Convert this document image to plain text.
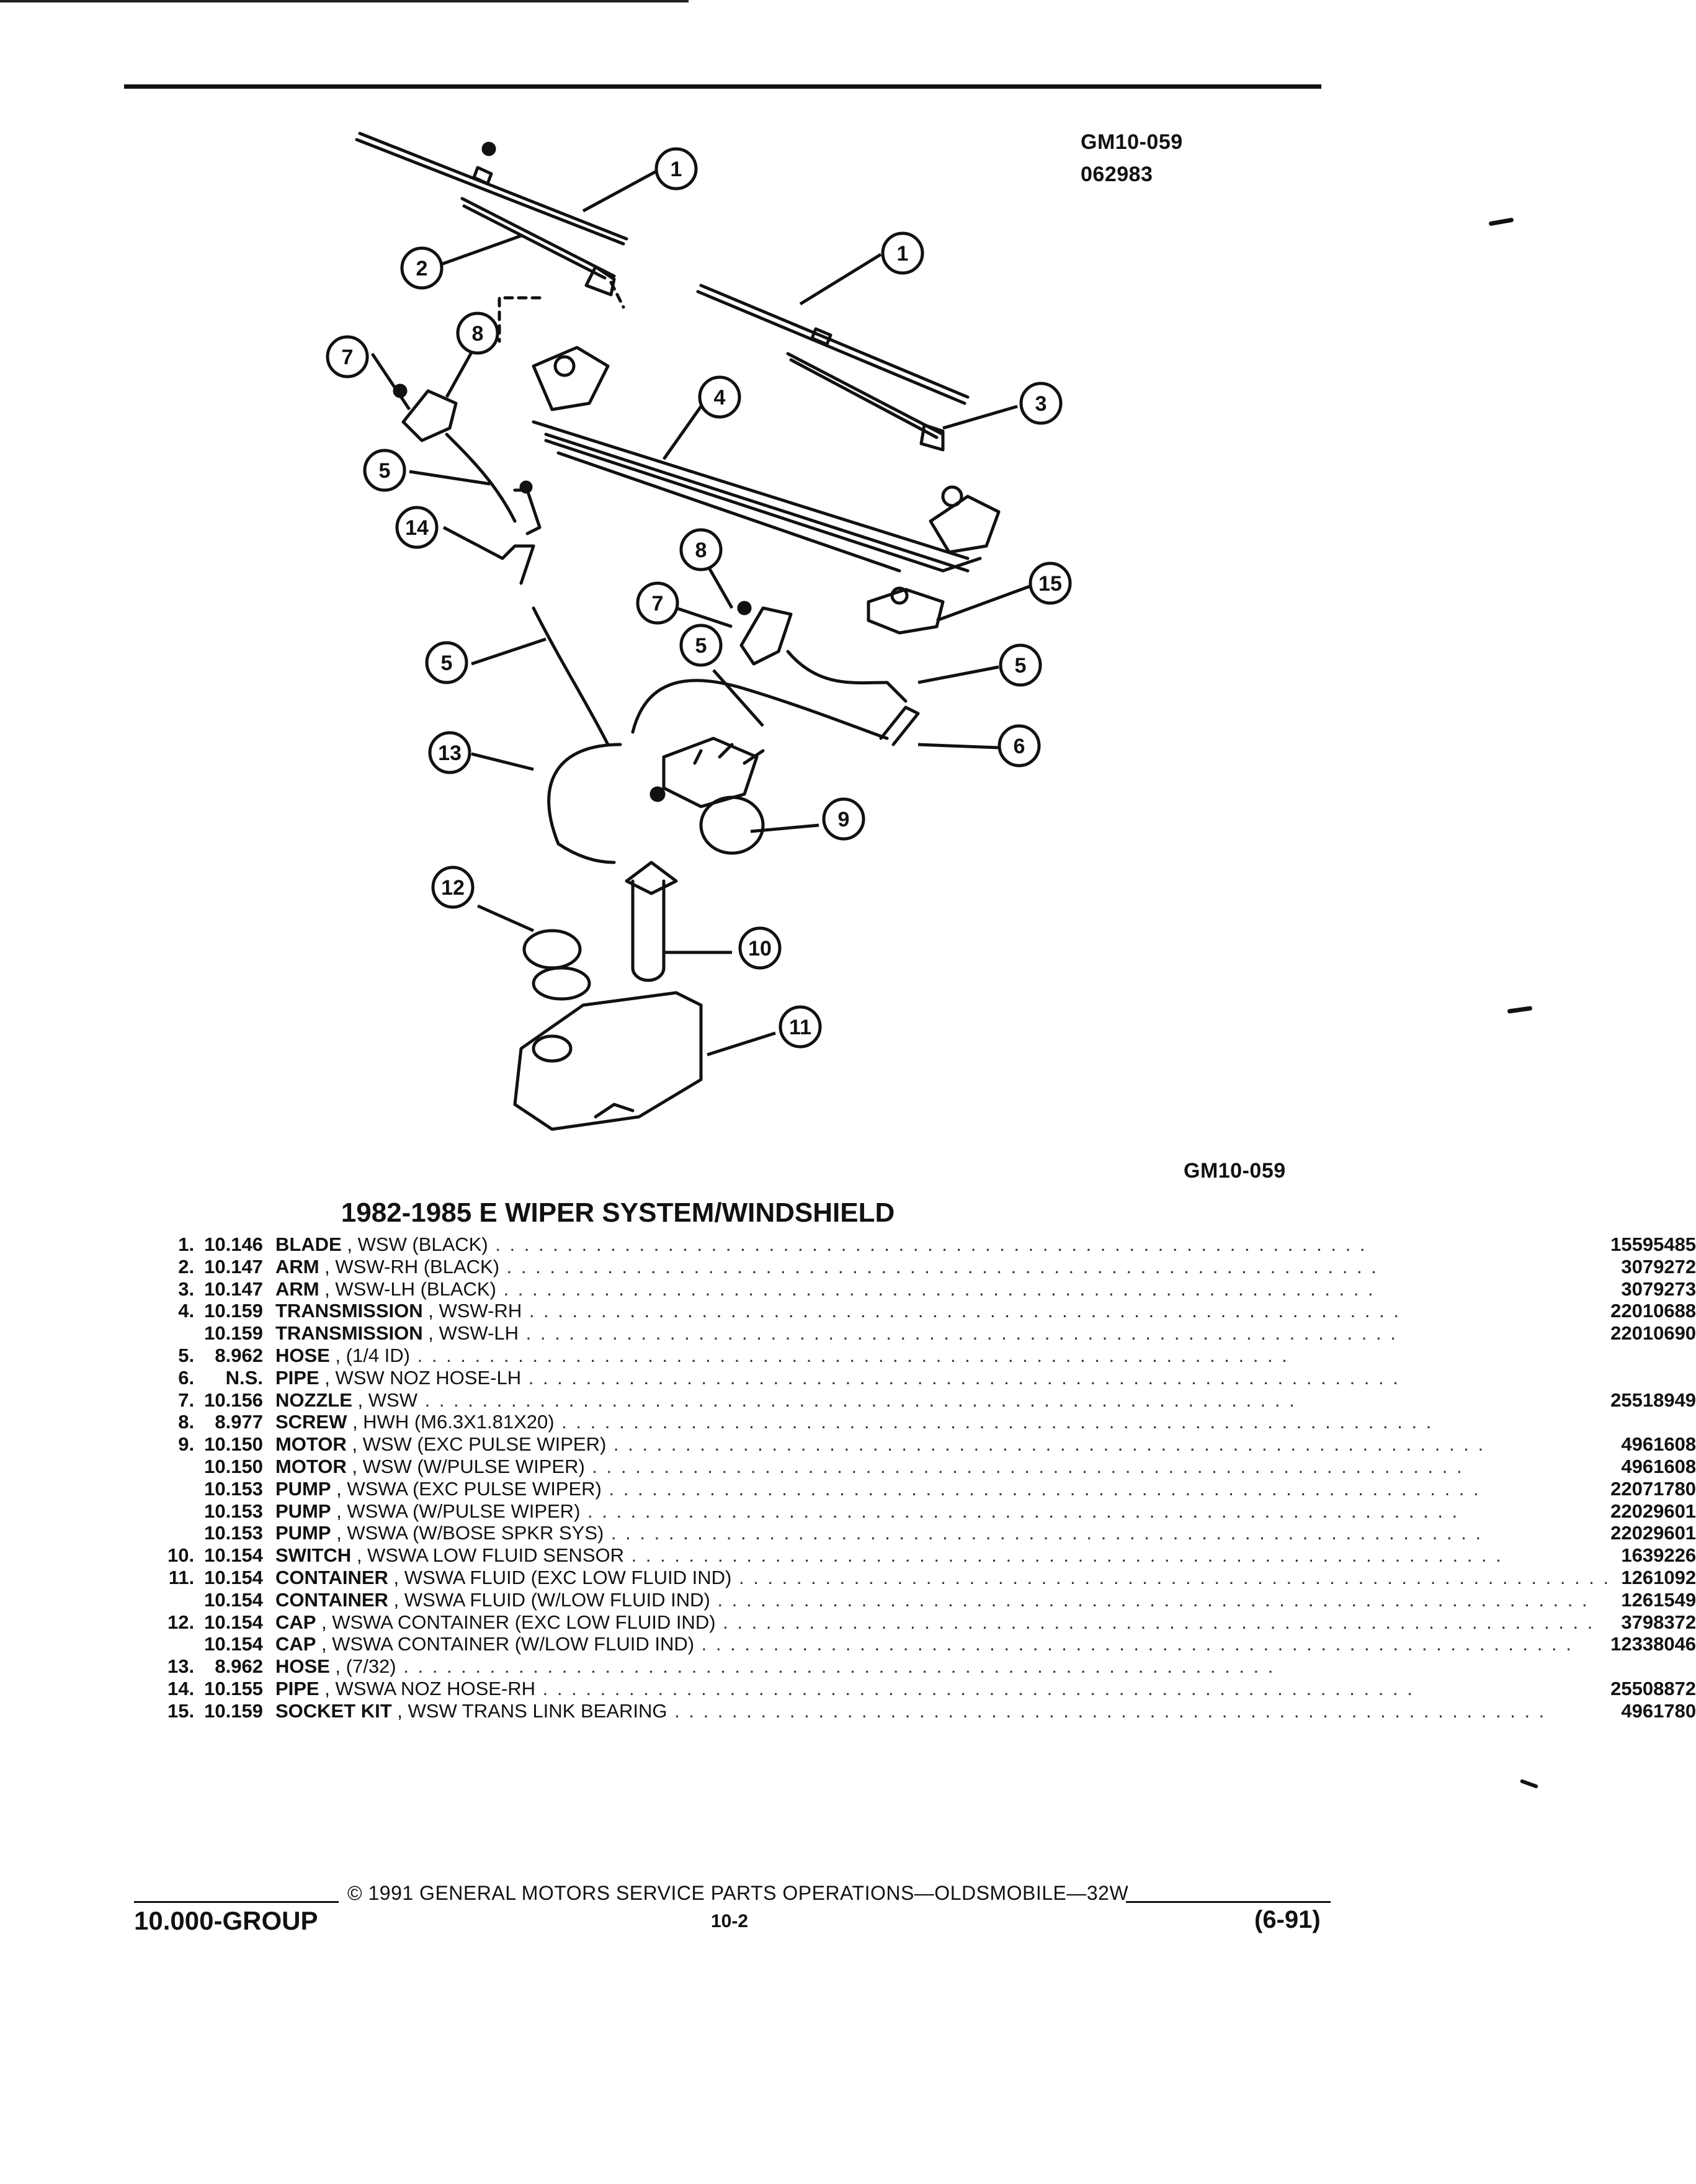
1
1
2
3
4
5
5
5
5
6
7
7
8
8
9
10
11
12
13
14
15
GM10-059
062983
GM10-059
1982-1985 E WIPER SYSTEM/WINDSHIELD
1.	10.146	BLADE , WSW (BLACK) . . . . . . . . . . . . . . . . . . . . . . . . . . . . . . . . . . . . . . . . . . . . . . . . . . . . . . . . . . . . .	15595485
2.	10.147	ARM , WSW-RH (BLACK) . . . . . . . . . . . . . . . . . . . . . . . . . . . . . . . . . . . . . . . . . . . . . . . . . . . . . . . . . . . . .	3079272
3.	10.147	ARM , WSW-LH (BLACK) . . . . . . . . . . . . . . . . . . . . . . . . . . . . . . . . . . . . . . . . . . . . . . . . . . . . . . . . . . . . .	3079273
4.	10.159	TRANSMISSION , WSW-RH . . . . . . . . . . . . . . . . . . . . . . . . . . . . . . . . . . . . . . . . . . . . . . . . . . . . . . . . . . . . .	22010688
	10.159	TRANSMISSION , WSW-LH . . . . . . . . . . . . . . . . . . . . . . . . . . . . . . . . . . . . . . . . . . . . . . . . . . . . . . . . . . . . .	22010690
5.	8.962	HOSE , (1/4 ID) . . . . . . . . . . . . . . . . . . . . . . . . . . . . . . . . . . . . . . . . . . . . . . . . . . . . . . . . . . . . .	
6.	N.S.	PIPE , WSW NOZ HOSE-LH . . . . . . . . . . . . . . . . . . . . . . . . . . . . . . . . . . . . . . . . . . . . . . . . . . . . . . . . . . . . .	
7.	10.156	NOZZLE , WSW . . . . . . . . . . . . . . . . . . . . . . . . . . . . . . . . . . . . . . . . . . . . . . . . . . . . . . . . . . . . .	25518949
8.	8.977	SCREW , HWH (M6.3X1.81X20) . . . . . . . . . . . . . . . . . . . . . . . . . . . . . . . . . . . . . . . . . . . . . . . . . . . . . . . . . . . . .	
9.	10.150	MOTOR , WSW (EXC PULSE WIPER) . . . . . . . . . . . . . . . . . . . . . . . . . . . . . . . . . . . . . . . . . . . . . . . . . . . . . . . . . . . . .	4961608
	10.150	MOTOR , WSW (W/PULSE WIPER) . . . . . . . . . . . . . . . . . . . . . . . . . . . . . . . . . . . . . . . . . . . . . . . . . . . . . . . . . . . . .	4961608
	10.153	PUMP , WSWA (EXC PULSE WIPER) . . . . . . . . . . . . . . . . . . . . . . . . . . . . . . . . . . . . . . . . . . . . . . . . . . . . . . . . . . . . .	22071780
	10.153	PUMP , WSWA (W/PULSE WIPER) . . . . . . . . . . . . . . . . . . . . . . . . . . . . . . . . . . . . . . . . . . . . . . . . . . . . . . . . . . . . .	22029601
	10.153	PUMP , WSWA (W/BOSE SPKR SYS) . . . . . . . . . . . . . . . . . . . . . . . . . . . . . . . . . . . . . . . . . . . . . . . . . . . . . . . . . . . . .	22029601
10.	10.154	SWITCH , WSWA LOW FLUID SENSOR . . . . . . . . . . . . . . . . . . . . . . . . . . . . . . . . . . . . . . . . . . . . . . . . . . . . . . . . . . . . .	1639226
11.	10.154	CONTAINER , WSWA FLUID (EXC LOW FLUID IND) . . . . . . . . . . . . . . . . . . . . . . . . . . . . . . . . . . . . . . . . . . . . . . . . . . . . . . . . . . . . .	1261092
	10.154	CONTAINER , WSWA FLUID (W/LOW FLUID IND) . . . . . . . . . . . . . . . . . . . . . . . . . . . . . . . . . . . . . . . . . . . . . . . . . . . . . . . . . . . . .	1261549
12.	10.154	CAP , WSWA CONTAINER (EXC LOW FLUID IND) . . . . . . . . . . . . . . . . . . . . . . . . . . . . . . . . . . . . . . . . . . . . . . . . . . . . . . . . . . . . .	3798372
	10.154	CAP , WSWA CONTAINER (W/LOW FLUID IND) . . . . . . . . . . . . . . . . . . . . . . . . . . . . . . . . . . . . . . . . . . . . . . . . . . . . . . . . . . . . .	12338046
13.	8.962	HOSE , (7/32) . . . . . . . . . . . . . . . . . . . . . . . . . . . . . . . . . . . . . . . . . . . . . . . . . . . . . . . . . . . . .	
14.	10.155	PIPE , WSWA NOZ HOSE-RH . . . . . . . . . . . . . . . . . . . . . . . . . . . . . . . . . . . . . . . . . . . . . . . . . . . . . . . . . . . . .	25508872
15.	10.159	SOCKET KIT , WSW TRANS LINK BEARING . . . . . . . . . . . . . . . . . . . . . . . . . . . . . . . . . . . . . . . . . . . . . . . . . . . . . . . . . . . . .	4961780
© 1991 GENERAL MOTORS SERVICE PARTS OPERATIONS—OLDSMOBILE—32W
10.000-GROUP	10-2	(6-91)
